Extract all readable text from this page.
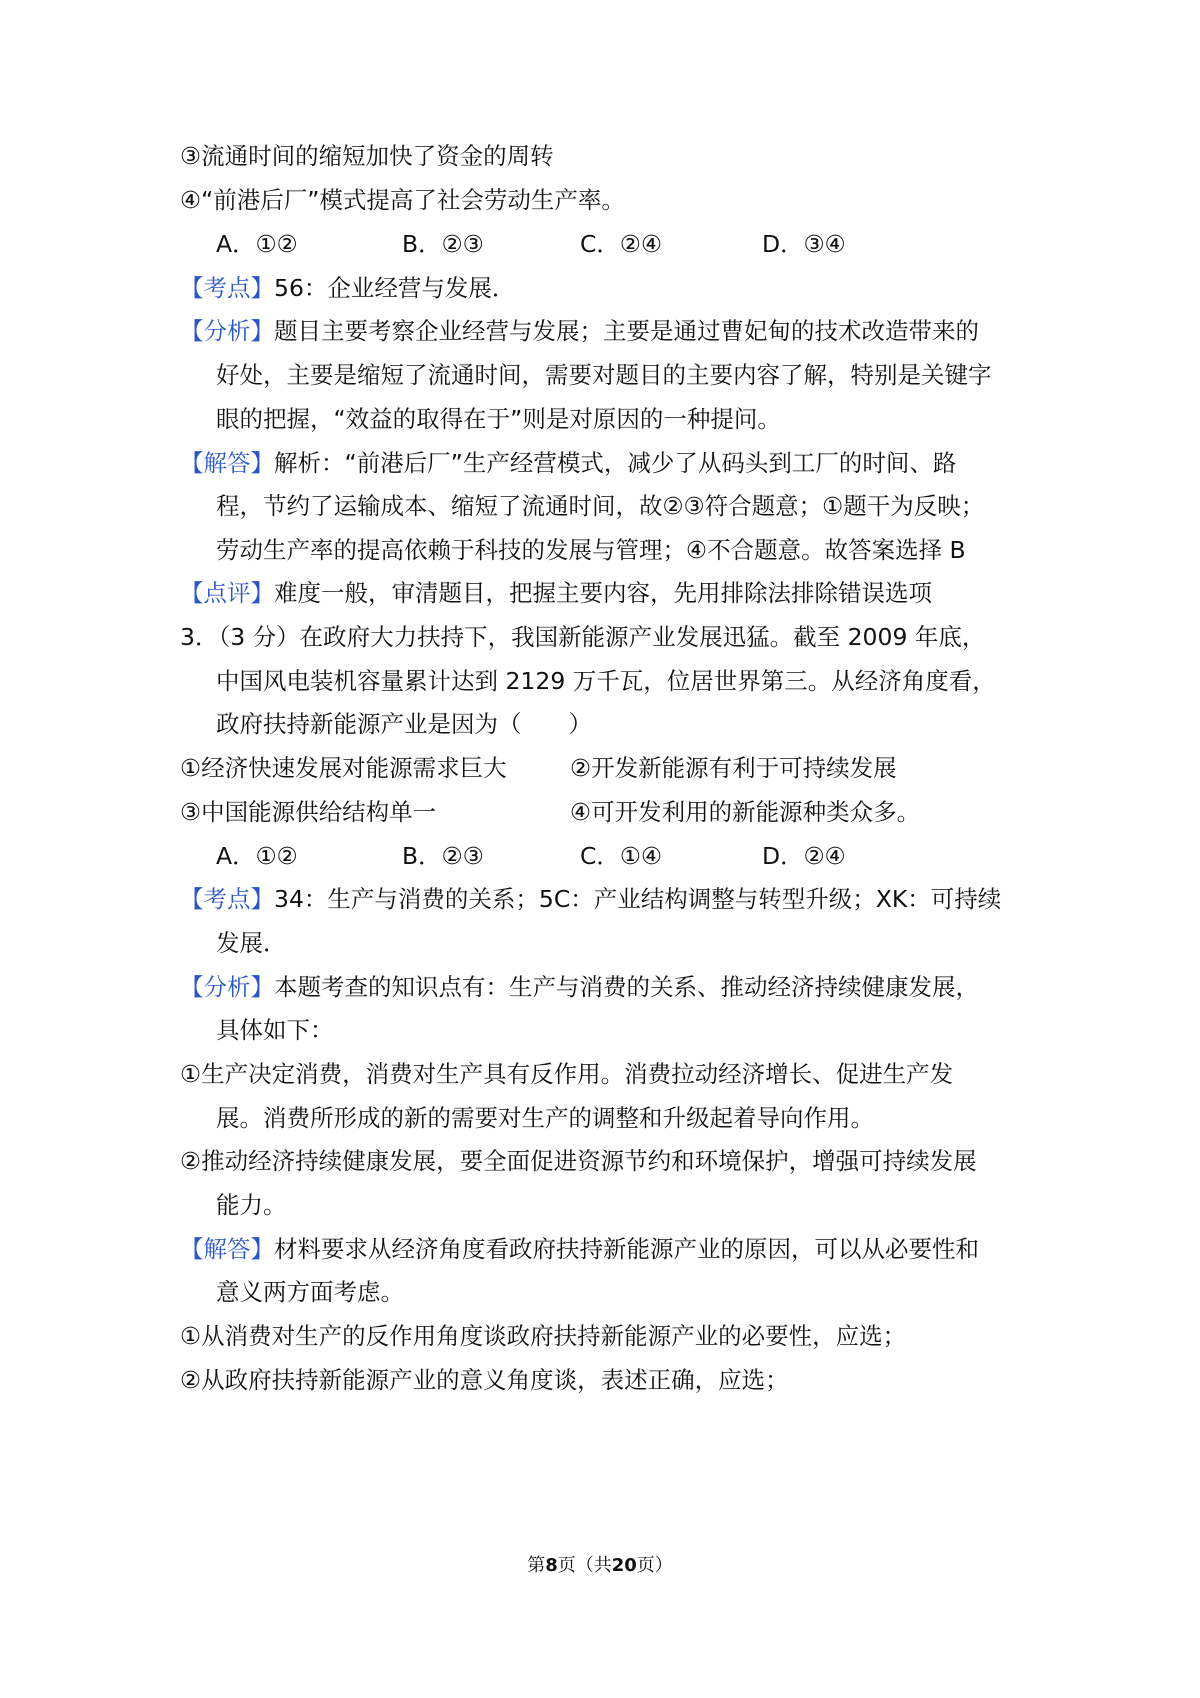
③流通时间的缩短加快了资金的周转
④“前港后厂”模式提高了社会劳动生产率。
A．①②	B．②③	C．②④	D．③④
【考点】56：企业经营与发展．
【分析】题目主要考察企业经营与发展；主要是通过曹妃甸的技术改造带来的
好处，主要是缩短了流通时间，需要对题目的主要内容了解，特别是关键字
眼的把握，“效益的取得在于”则是对原因的一种提问。
【解答】解析：“前港后厂”生产经营模式，减少了从码头到工厂的时间、路
程，节约了运输成本、缩短了流通时间，故②③符合题意；①题干为反映；
劳动生产率的提高依赖于科技的发展与管理；④不合题意。故答案选择 B
【点评】难度一般，审清题目，把握主要内容，先用排除法排除错误选项
3．（3 分）在政府大力扶持下，我国新能源产业发展迅猛。截至 2009 年底，
中国风电装机容量累计达到 2129 万千瓦，位居世界第三。从经济角度看，
政府扶持新能源产业是因为（　　）
①经济快速发展对能源需求巨大	②开发新能源有利于可持续发展
③中国能源供给结构单一	④可开发利用的新能源种类众多。
A．①②	B．②③	C．①④	D．②④
【考点】34：生产与消费的关系；5C：产业结构调整与转型升级；XK：可持续
发展．
【分析】本题考查的知识点有：生产与消费的关系、推动经济持续健康发展，
具体如下：
①生产决定消费，消费对生产具有反作用。消费拉动经济增长、促进生产发
展。消费所形成的新的需要对生产的调整和升级起着导向作用。
②推动经济持续健康发展，要全面促进资源节约和环境保护，增强可持续发展
能力。
【解答】材料要求从经济角度看政府扶持新能源产业的原因，可以从必要性和
意义两方面考虑。
①从消费对生产的反作用角度谈政府扶持新能源产业的必要性，应选；
②从政府扶持新能源产业的意义角度谈，表述正确，应选；
第8页（共20页）
